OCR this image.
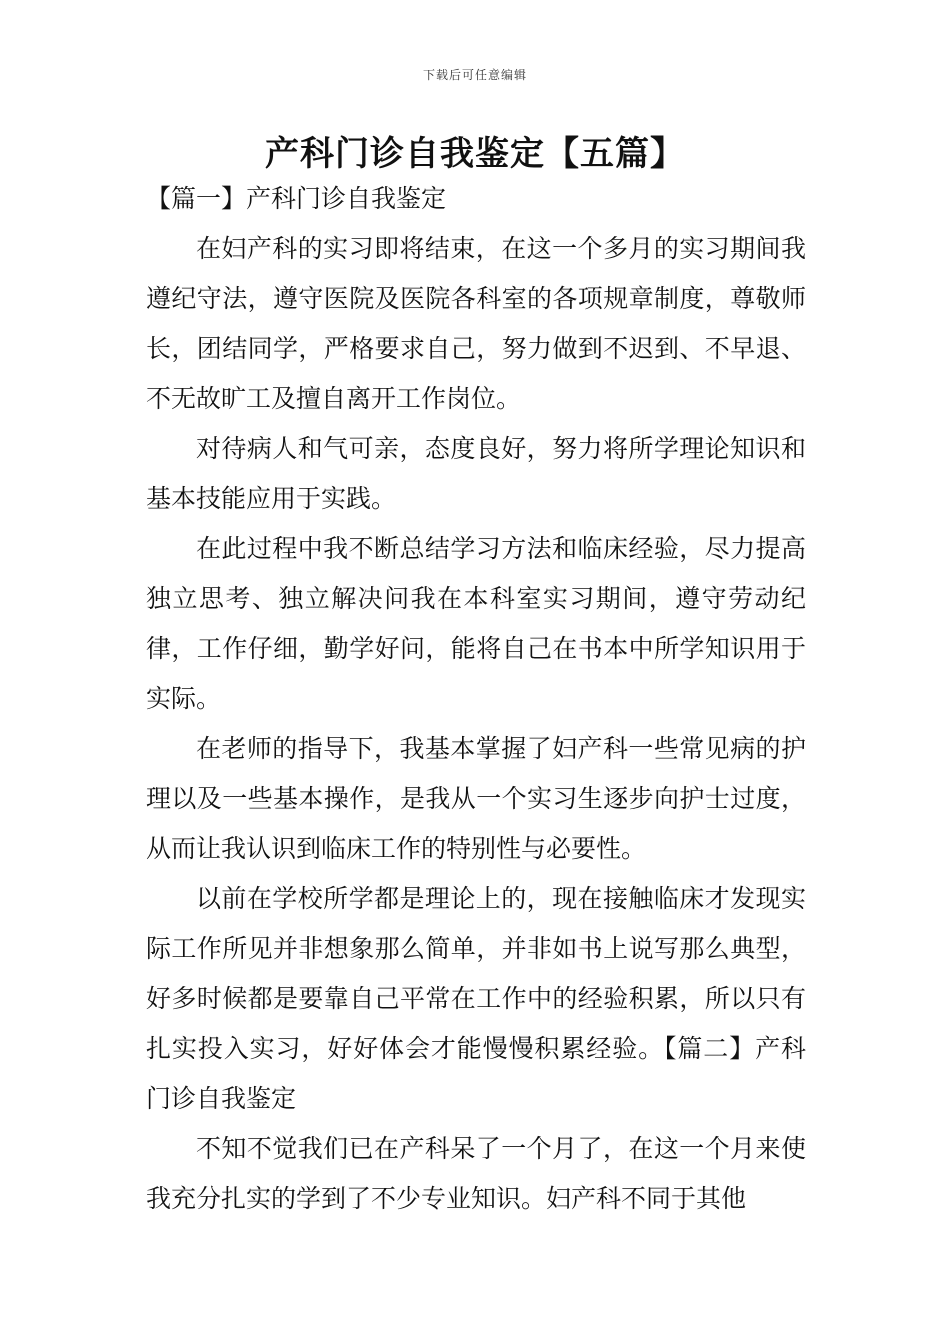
下载后可任意编辑
产科门诊自我鉴定【五篇】

【篇一】产科门诊自我鉴定

在妇产科的实习即将结束，在这一个多月的实习期间我遵纪守法，遵守医院及医院各科室的各项规章制度，尊敬师长，团结同学，严格要求自己，努力做到不迟到、不早退、不无故旷工及擅自离开工作岗位。

对待病人和气可亲，态度良好，努力将所学理论知识和基本技能应用于实践。

在此过程中我不断总结学习方法和临床经验，尽力提高独立思考、独立解决问我在本科室实习期间，遵守劳动纪律，工作仔细，勤学好问，能将自己在书本中所学知识用于实际。

在老师的指导下，我基本掌握了妇产科一些常见病的护理以及一些基本操作，是我从一个实习生逐步向护士过度，从而让我认识到临床工作的特别性与必要性。

以前在学校所学都是理论上的，现在接触临床才发现实际工作所见并非想象那么简单，并非如书上说写那么典型，好多时候都是要靠自己平常在工作中的经验积累，所以只有扎实投入实习，好好体会才能慢慢积累经验。【篇二】产科门诊自我鉴定

不知不觉我们已在产科呆了一个月了，在这一个月来使我充分扎实的学到了不少专业知识。妇产科不同于其他
